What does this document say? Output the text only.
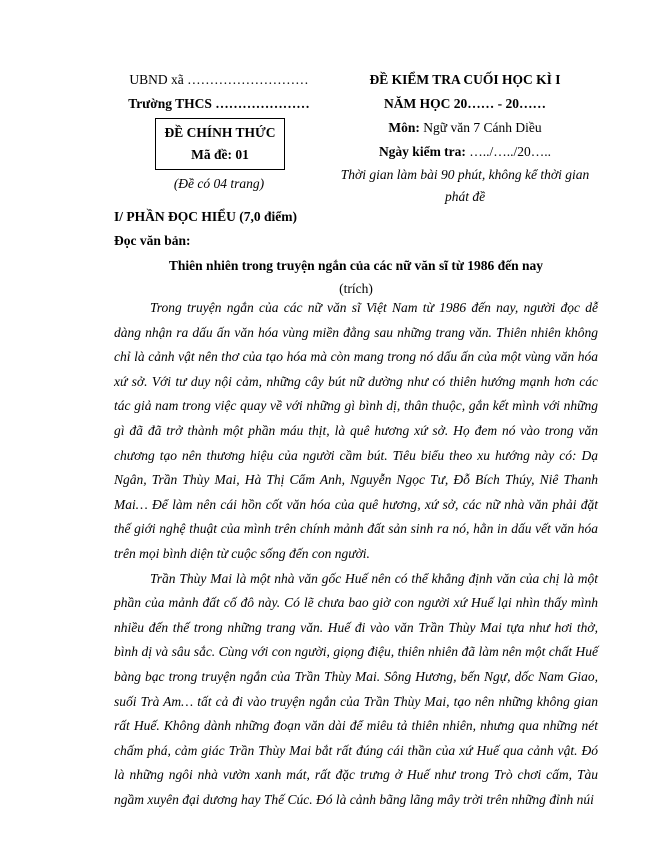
UBND xã ………………………
Trường THCS …………………
ĐỀ CHÍNH THỨC
Mã đề: 01
(Đề có 04 trang)
ĐỀ KIỂM TRA CUỐI HỌC KÌ I
NĂM HỌC 20…… - 20……
Môn: Ngữ văn 7 Cánh Diều
Ngày kiểm tra: …../…../20…..
Thời gian làm bài 90 phút, không kể thời gian phát đề
I/ PHẦN ĐỌC HIỂU (7,0 điểm)
Đọc văn bản:
Thiên nhiên trong truyện ngắn của các nữ văn sĩ từ 1986 đến nay
(trích)

Trong truyện ngắn của các nữ văn sĩ Việt Nam từ 1986 đến nay, người đọc dễ dàng nhận ra dấu ấn văn hóa vùng miền đằng sau những trang văn. Thiên nhiên không chỉ là cảnh vật nên thơ của tạo hóa mà còn mang trong nó dấu ấn của một vùng văn hóa xứ sở. Với tư duy nội cảm, những cây bút nữ dường như có thiên hướng mạnh hơn các tác giả nam trong việc quay về với những gì bình dị, thân thuộc, gắn kết mình với những gì đã đã trở thành một phần máu thịt, là quê hương xứ sở. Họ đem nó vào trong văn chương tạo nên thương hiệu của người cầm bút. Tiêu biểu theo xu hướng này có: Dạ Ngân, Trần Thùy Mai, Hà Thị Cẩm Anh, Nguyễn Ngọc Tư, Đỗ Bích Thúy, Niê Thanh Mai… Để làm nên cái hồn cốt văn hóa của quê hương, xứ sở, các nữ nhà văn phải đặt thế giới nghệ thuật của mình trên chính mảnh đất sản sinh ra nó, hằn in dấu vết văn hóa trên mọi bình diện từ cuộc sống đến con người.

Trần Thùy Mai là một nhà văn gốc Huế nên có thể khẳng định văn của chị là một phần của mảnh đất cố đô này. Có lẽ chưa bao giờ con người xứ Huế lại nhìn thấy mình nhiều đến thế trong những trang văn. Huế đi vào văn Trần Thùy Mai tựa như hơi thở, bình dị và sâu sắc. Cùng với con người, giọng điệu, thiên nhiên đã làm nên một chất Huế bàng bạc trong truyện ngắn của Trần Thùy Mai. Sông Hương, bến Ngự, dốc Nam Giao, suối Trà Am… tất cả đi vào truyện ngắn của Trần Thùy Mai, tạo nên những không gian rất Huế. Không dành những đoạn văn dài để miêu tả thiên nhiên, nhưng qua những nét chấm phá, cảm giác Trần Thùy Mai bắt rất đúng cái thần của xứ Huế qua cảnh vật. Đó là những ngôi nhà vườn xanh mát, rất đặc trưng ở Huế như trong Trò chơi cấm, Tàu ngầm xuyên đại dương hay Thế Cúc. Đó là cảnh bãng lãng mây trời trên những đỉnh núi
